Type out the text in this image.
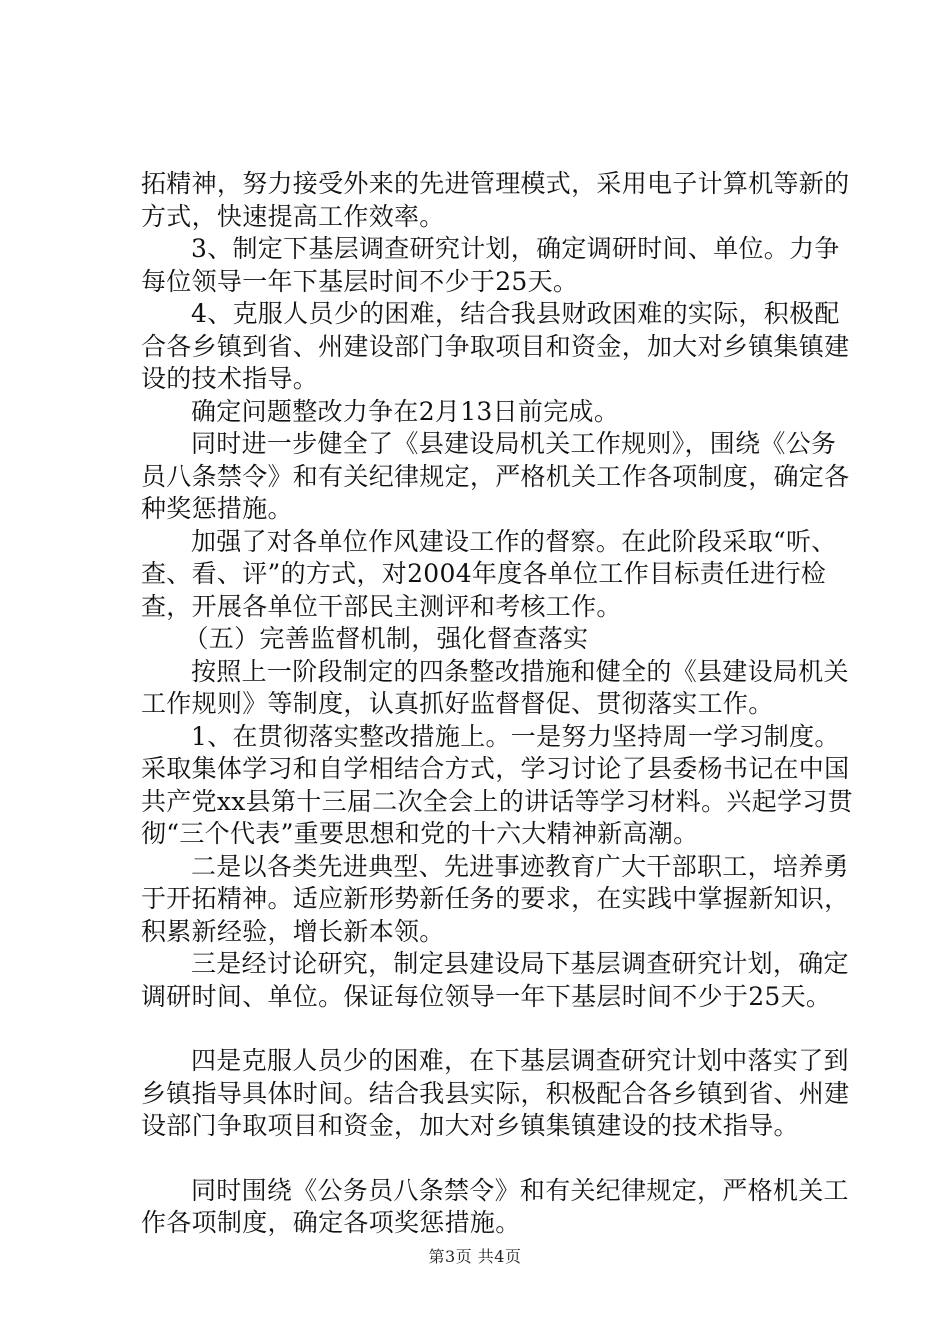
拓精神，努力接受外来的先进管理模式，采用电子计算机等新的方式，快速提高工作效率。

3、制定下基层调查研究计划，确定调研时间、单位。力争每位领导一年下基层时间不少于25天。

4、克服人员少的困难，结合我县财政困难的实际，积极配合各乡镇到省、州建设部门争取项目和资金，加大对乡镇集镇建设的技术指导。

确定问题整改力争在2月13日前完成。

同时进一步健全了《县建设局机关工作规则》，围绕《公务员八条禁令》和有关纪律规定，严格机关工作各项制度，确定各种奖惩措施。

加强了对各单位作风建设工作的督察。在此阶段采取“听、查、看、评”的方式，对2004年度各单位工作目标责任进行检查，开展各单位干部民主测评和考核工作。

（五）完善监督机制，强化督查落实

按照上一阶段制定的四条整改措施和健全的《县建设局机关工作规则》等制度，认真抓好监督督促、贯彻落实工作。

1、在贯彻落实整改措施上。一是努力坚持周一学习制度。采取集体学习和自学相结合方式，学习讨论了县委杨书记在中国共产党xx县第十三届二次全会上的讲话等学习材料。兴起学习贯彻“三个代表”重要思想和党的十六大精神新高潮。

二是以各类先进典型、先进事迹教育广大干部职工，培养勇于开拓精神。适应新形势新任务的要求，在实践中掌握新知识，积累新经验，增长新本领。

三是经讨论研究，制定县建设局下基层调查研究计划，确定调研时间、单位。保证每位领导一年下基层时间不少于25天。

四是克服人员少的困难，在下基层调查研究计划中落实了到乡镇指导具体时间。结合我县实际，积极配合各乡镇到省、州建设部门争取项目和资金，加大对乡镇集镇建设的技术指导。

同时围绕《公务员八条禁令》和有关纪律规定，严格机关工作各项制度，确定各项奖惩措施。

第3页 共4页
